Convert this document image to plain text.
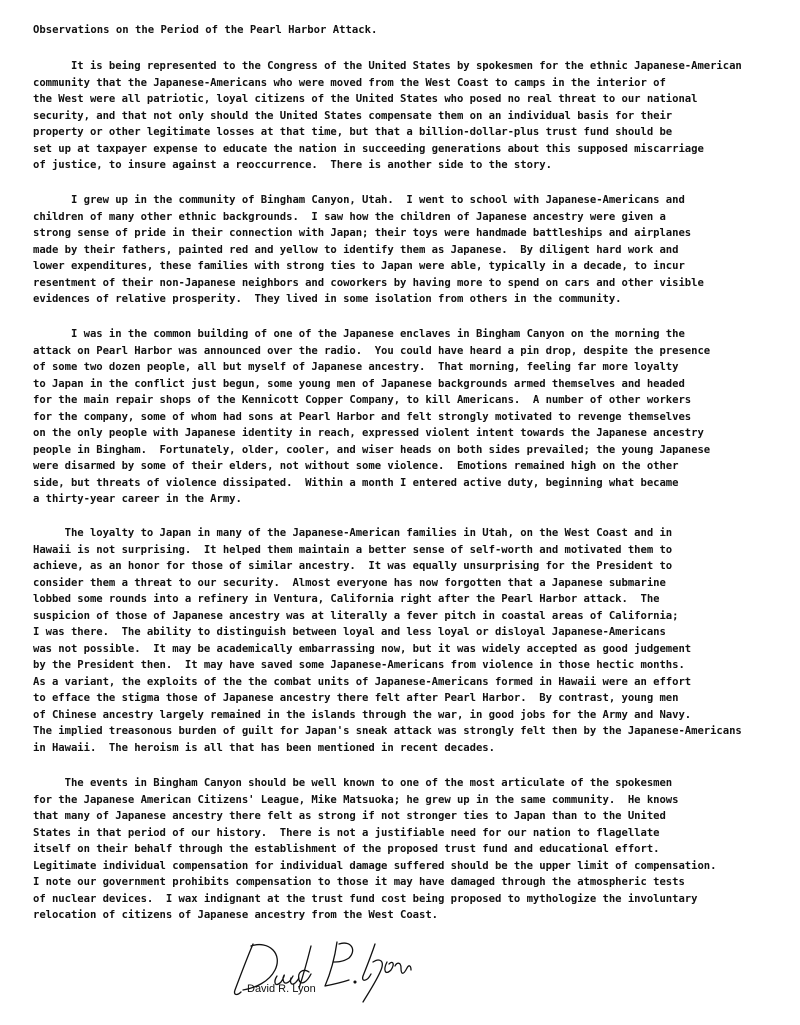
Observations on the Period of the Pearl Harbor Attack.
It is being represented to the Congress of the United States by spokesmen for the ethnic Japanese-American
community that the Japanese-Americans who were moved from the West Coast to camps in the interior of
the West were all patriotic, loyal citizens of the United States who posed no real threat to our national
security, and that not only should the United States compensate them on an individual basis for their
property or other legitimate losses at that time, but that a billion-dollar-plus trust fund should be
set up at taxpayer expense to educate the nation in succeeding generations about this supposed miscarriage
of justice, to insure against a reoccurrence.  There is another side to the story.
I grew up in the community of Bingham Canyon, Utah.  I went to school with Japanese-Americans and
children of many other ethnic backgrounds.  I saw how the children of Japanese ancestry were given a
strong sense of pride in their connection with Japan; their toys were handmade battleships and airplanes
made by their fathers, painted red and yellow to identify them as Japanese.  By diligent hard work and
lower expenditures, these families with strong ties to Japan were able, typically in a decade, to incur
resentment of their non-Japanese neighbors and coworkers by having more to spend on cars and other visible
evidences of relative prosperity.  They lived in some isolation from others in the community.
I was in the common building of one of the Japanese enclaves in Bingham Canyon on the morning the
attack on Pearl Harbor was announced over the radio.  You could have heard a pin drop, despite the presence
of some two dozen people, all but myself of Japanese ancestry.  That morning, feeling far more loyalty
to Japan in the conflict just begun, some young men of Japanese backgrounds armed themselves and headed
for the main repair shops of the Kennicott Copper Company, to kill Americans.  A number of other workers
for the company, some of whom had sons at Pearl Harbor and felt strongly motivated to revenge themselves
on the only people with Japanese identity in reach, expressed violent intent towards the Japanese ancestry
people in Bingham.  Fortunately, older, cooler, and wiser heads on both sides prevailed; the young Japanese
were disarmed by some of their elders, not without some violence.  Emotions remained high on the other
side, but threats of violence dissipated.  Within a month I entered active duty, beginning what became
a thirty-year career in the Army.
The loyalty to Japan in many of the Japanese-American families in Utah, on the West Coast and in
Hawaii is not surprising.  It helped them maintain a better sense of self-worth and motivated them to
achieve, as an honor for those of similar ancestry.  It was equally unsurprising for the President to
consider them a threat to our security.  Almost everyone has now forgotten that a Japanese submarine
lobbed some rounds into a refinery in Ventura, California right after the Pearl Harbor attack.  The
suspicion of those of Japanese ancestry was at literally a fever pitch in coastal areas of California;
I was there.  The ability to distinguish between loyal and less loyal or disloyal Japanese-Americans
was not possible.  It may be academically embarrassing now, but it was widely accepted as good judgement
by the President then.  It may have saved some Japanese-Americans from violence in those hectic months.
As a variant, the exploits of the the combat units of Japanese-Americans formed in Hawaii were an effort
to efface the stigma those of Japanese ancestry there felt after Pearl Harbor.  By contrast, young men
of Chinese ancestry largely remained in the islands through the war, in good jobs for the Army and Navy.
The implied treasonous burden of guilt for Japan's sneak attack was strongly felt then by the Japanese-Americans
in Hawaii.  The heroism is all that has been mentioned in recent decades.
The events in Bingham Canyon should be well known to one of the most articulate of the spokesmen
for the Japanese American Citizens' League, Mike Matsuoka; he grew up in the same community.  He knows
that many of Japanese ancestry there felt as strong if not stronger ties to Japan than to the United
States in that period of our history.  There is not a justifiable need for our nation to flagellate
itself on their behalf through the establishment of the proposed trust fund and educational effort.
Legitimate individual compensation for individual damage suffered should be the upper limit of compensation.
I note our government prohibits compensation to those it may have damaged through the atmospheric tests
of nuclear devices.  I wax indignant at the trust fund cost being proposed to mythologize the involuntary
relocation of citizens of Japanese ancestry from the West Coast.
David R. Lyon
